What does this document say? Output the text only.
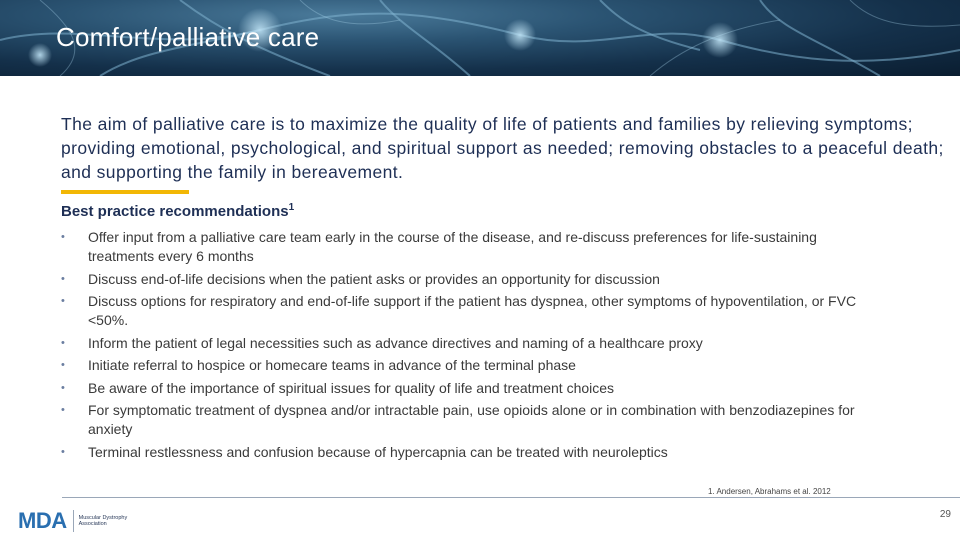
Comfort/palliative care
The aim of palliative care is to maximize the quality of life of patients and families by relieving symptoms; providing emotional, psychological, and spiritual support as needed; removing obstacles to a peaceful death; and supporting the family in bereavement.
Best practice recommendations$^1$
• Offer input from a palliative care team early in the course of the disease, and re-discuss preferences for life-sustaining treatments every 6 months
• Discuss end-of-life decisions when the patient asks or provides an opportunity for discussion
• Discuss options for respiratory and end-of-life support if the patient has dyspnea, other symptoms of hypoventilation, or FVC <50%.
• Inform the patient of legal necessities such as advance directives and naming of a healthcare proxy
• Initiate referral to hospice or homecare teams in advance of the terminal phase
• Be aware of the importance of spiritual issues for quality of life and treatment choices
• For symptomatic treatment of dyspnea and/or intractable pain, use opioids alone or in combination with benzodiazepines for anxiety
• Terminal restlessness and confusion because of hypercapnia can be treated with neuroleptics
1. Andersen, Abrahams et al. 2012
MDA Muscular Dystrophy Association
29
